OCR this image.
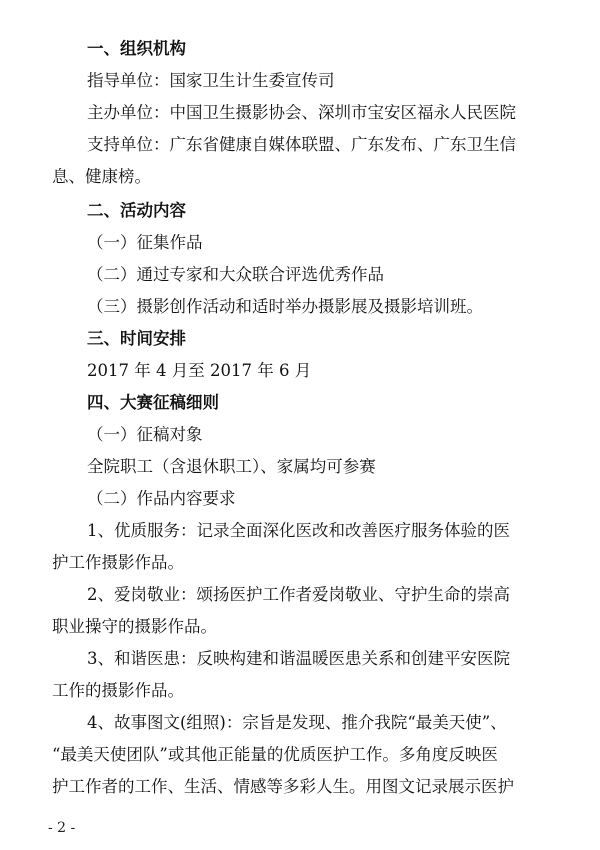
一、组织机构
指导单位：国家卫生计生委宣传司
主办单位：中国卫生摄影协会、深圳市宝安区福永人民医院
支持单位：广东省健康自媒体联盟、广东发布、广东卫生信
息、健康榜。
二、活动内容
（一）征集作品
（二）通过专家和大众联合评选优秀作品
（三）摄影创作活动和适时举办摄影展及摄影培训班。
三、时间安排
2017 年 4 月至 2017 年 6 月
四、大赛征稿细则
（一）征稿对象
全院职工（含退休职工）、家属均可参赛
（二）作品内容要求
1、优质服务：记录全面深化医改和改善医疗服务体验的医
护工作摄影作品。
2、爱岗敬业：颂扬医护工作者爱岗敬业、守护生命的崇高
职业操守的摄影作品。
3、和谐医患：反映构建和谐温暖医患关系和创建平安医院
工作的摄影作品。
4、故事图文(组照)：宗旨是发现、推介我院“最美天使”、
“最美天使团队”或其他正能量的优质医护工作。多角度反映医
护工作者的工作、生活、情感等多彩人生。用图文记录展示医护
- 2 -
